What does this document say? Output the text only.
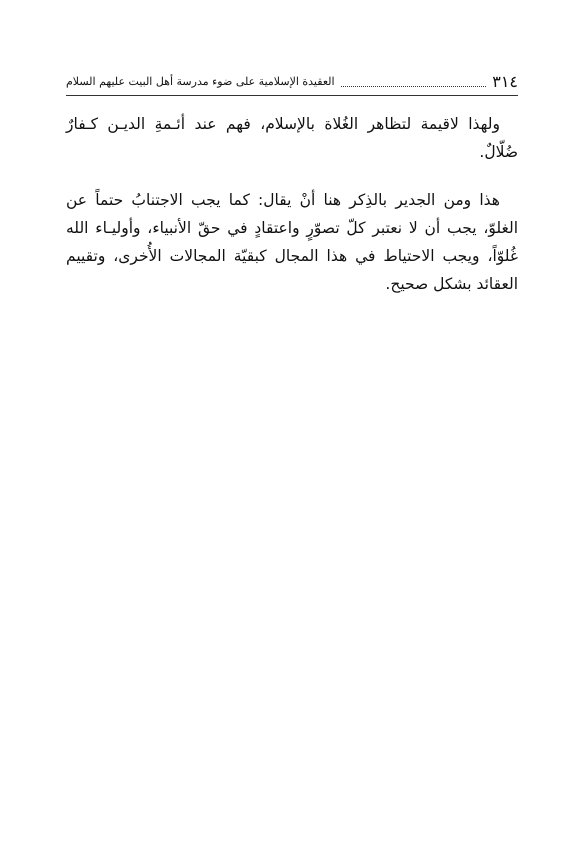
٣١٤
العقيدة الإسلامية على ضوء مدرسة أهل البيت عليهم السلام

ولهذا لاقيمة لتظاهر الغُلاة بالإسلام، فهم عند أئـمةِ الديـن كـفارٌ ضُلّالٌ.

هذا ومن الجدير بالذِكر هنا أنْ يقال: كما يجب الاجتنابُ حتماً عن الغلوّ، يجب أن لا نعتبر كلّ تصوّرٍ واعتقادٍ في حقّ الأنبياء، وأوليـاء الله غُلوّاً، ويجب الاحتياط في هذا المجال كبقيّة المجالات الأُخرى، وتقييم العقائد بشكل صحيح.
